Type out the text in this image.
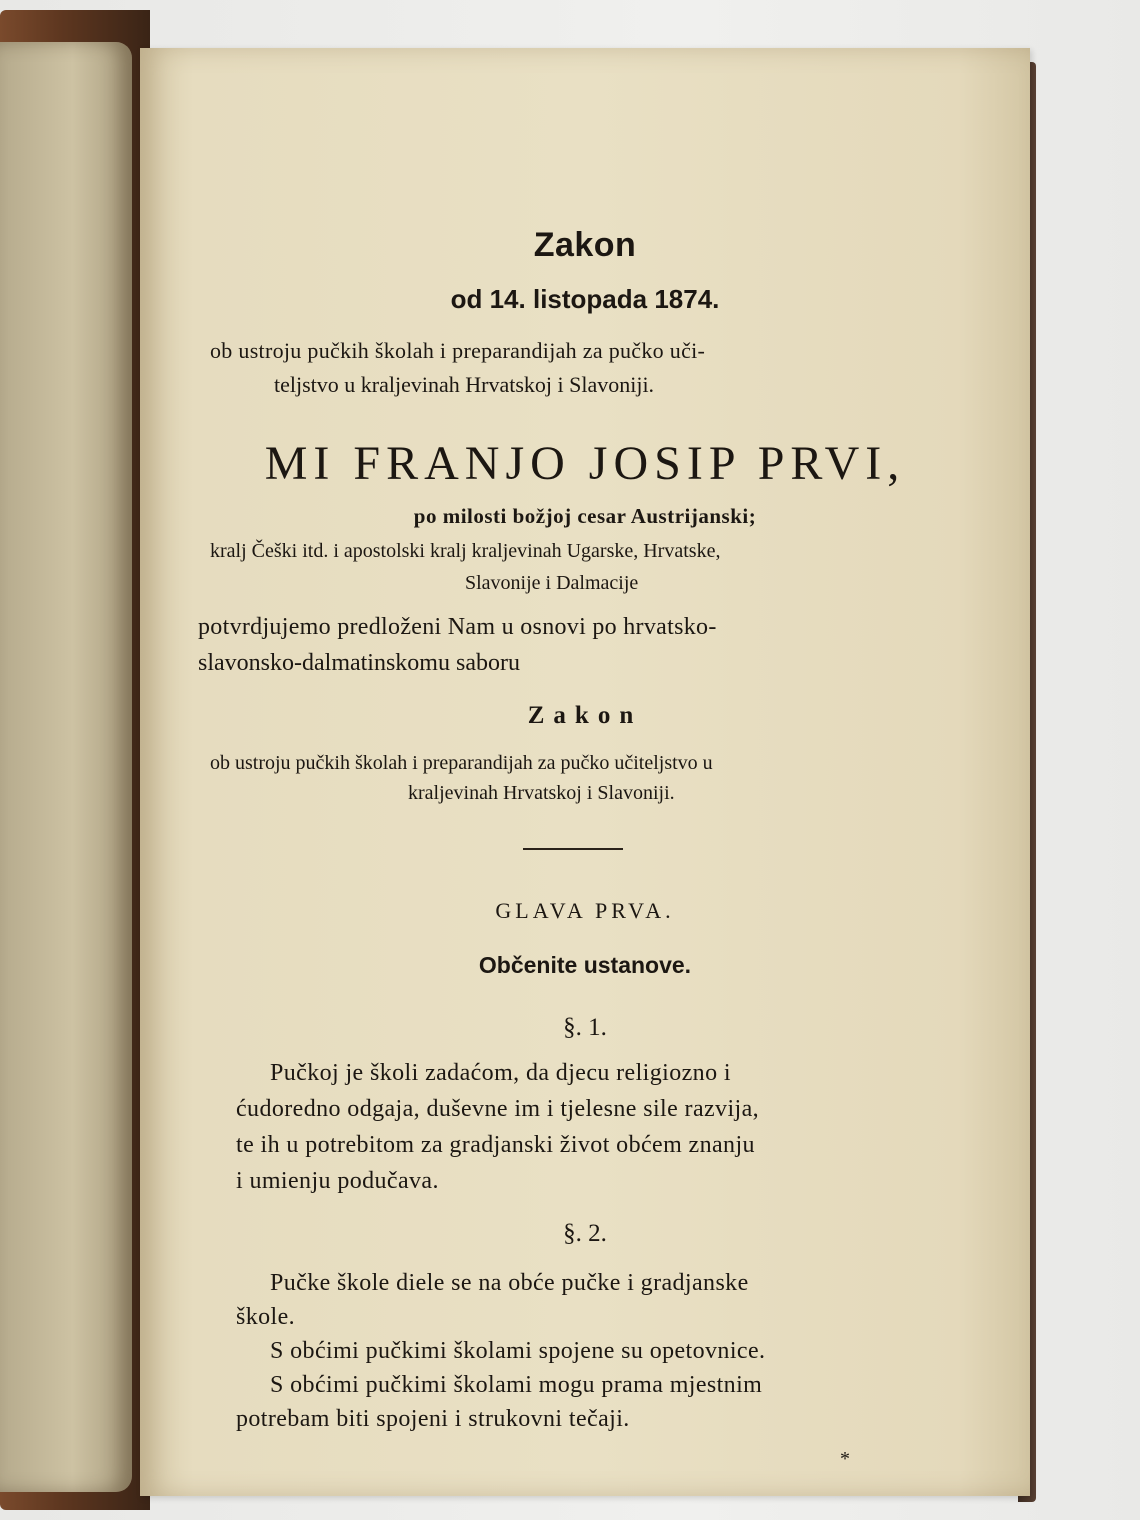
Zakon
od 14. listopada 1874.
ob ustroju pučkih školah i preparandijah za pučko uči-
teljstvo u kraljevinah Hrvatskoj i Slavoniji.
MI FRANJO JOSIP PRVI,
po milosti božjoj cesar Austrijanski;
kralj Češki itd. i apostolski kralj kraljevinah Ugarske, Hrvatske,
Slavonije i Dalmacije
potvrdjujemo predloženi Nam u osnovi po hrvatsko-
slavonsko-dalmatinskomu saboru
Zakon
ob ustroju pučkih školah i preparandijah za pučko učiteljstvo u
kraljevinah Hrvatskoj i Slavoniji.
GLAVA PRVA.
Občenite ustanove.
§. 1.
Pučkoj je školi zadaćom, da djecu religiozno i
ćudoredno odgaja, duševne im i tjelesne sile razvija,
te ih u potrebitom za gradjanski život obćem znanju
i umienju podučava.
§. 2.
Pučke škole diele se na obće pučke i gradjanske
škole.
S obćimi pučkimi školami spojene su opetovnice.
S obćimi pučkimi školami mogu prama mjestnim
potrebam biti spojeni i strukovni tečaji.
*
